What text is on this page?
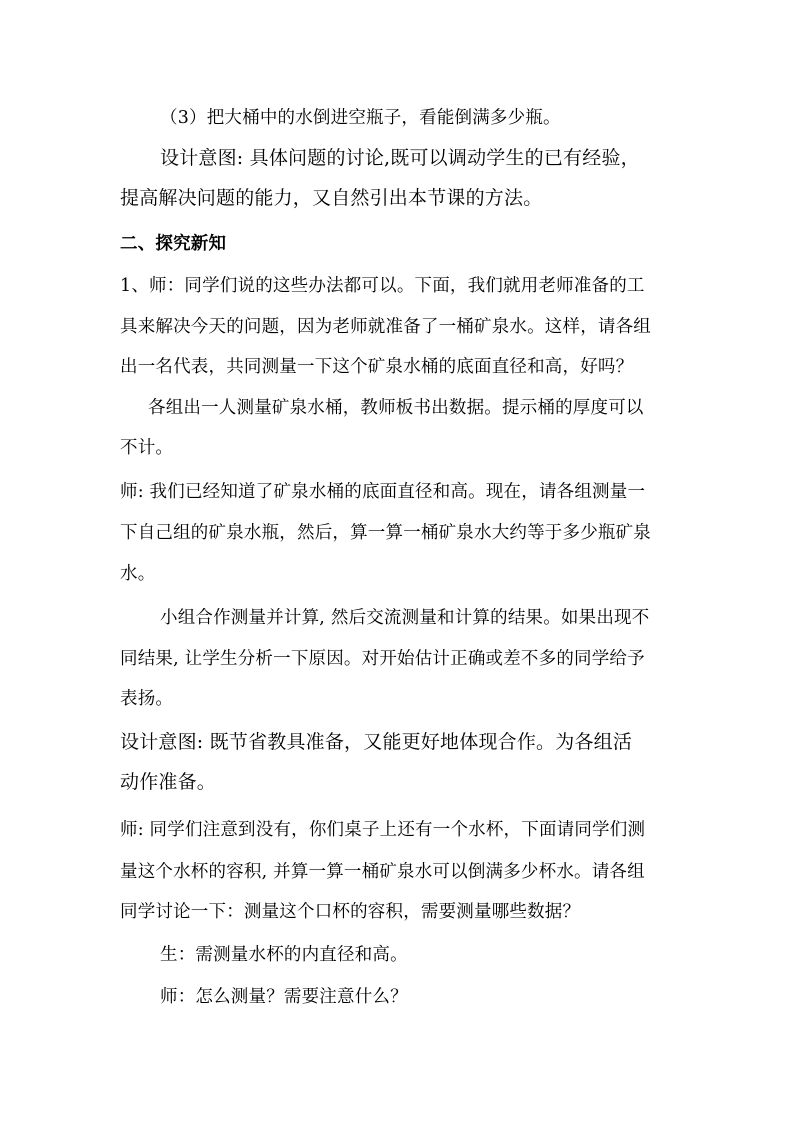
（3）把大桶中的水倒进空瓶子，看能倒满多少瓶。
设计意图: 具体问题的讨论,既可以调动学生的已有经验，
提高解决问题的能力，又自然引出本节课的方法。
二、探究新知
1、师：同学们说的这些办法都可以。下面，我们就用老师准备的工
具来解决今天的问题，因为老师就准备了一桶矿泉水。这样，请各组
出一名代表，共同测量一下这个矿泉水桶的底面直径和高，好吗？
各组出一人测量矿泉水桶，教师板书出数据。提示桶的厚度可以
不计。
师: 我们已经知道了矿泉水桶的底面直径和高。现在，请各组测量一
下自己组的矿泉水瓶，然后，算一算一桶矿泉水大约等于多少瓶矿泉
水。
小组合作测量并计算, 然后交流测量和计算的结果。如果出现不
同结果, 让学生分析一下原因。对开始估计正确或差不多的同学给予
表扬。
设计意图: 既节省教具准备，又能更好地体现合作。为各组活
动作准备。
师: 同学们注意到没有，你们桌子上还有一个水杯，下面请同学们测
量这个水杯的容积, 并算一算一桶矿泉水可以倒满多少杯水。请各组
同学讨论一下：测量这个口杯的容积，需要测量哪些数据？
生：需测量水杯的内直径和高。
师：怎么测量？需要注意什么？
